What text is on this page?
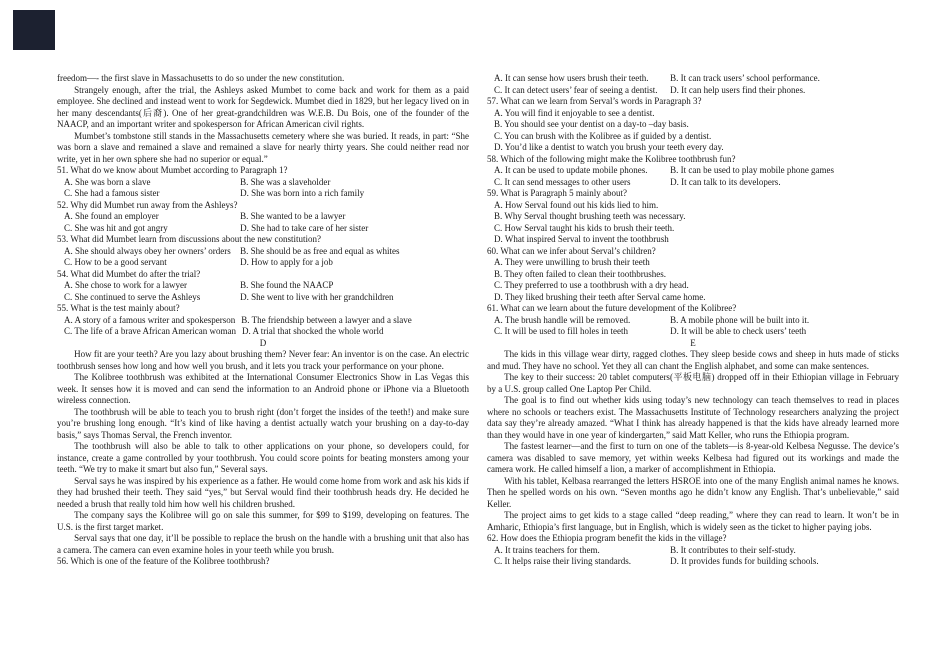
freedom—- the first slave in Massachusetts to do so under the new constitution.
Strangely enough, after the trial, the Ashleys asked Mumbet to come back and work for them as a paid employee. She declined and instead went to work for Segdewick. Mumbet died in 1829, but her legacy lived on in her many descendants(后裔). One of her great-grandchildren was W.E.B. Du Bois, one of the founder of the NAACP, and an important writer and spokesperson for African American civil rights.
Mumbet’s tombstone still stands in the Massachusetts cemetery where she was buried. It reads, in part: “She was born a slave and remained a slave and remained a slave for nearly thirty years. She could neither read nor write, yet in her own sphere she had no superior or equal.”
51. What do we know about Mumbet according to Paragraph 1?
A. She was born a slave	B. She was a slaveholder
C. She had a famous sister	D. She was born into a rich family
52. Why did Mumbet run away from the Ashleys?
A. She found an employer	B. She wanted to be a lawyer
C. She was hit and got angry	D. She had to take care of her sister
53. What did Mumbet learn from discussions about the new constitution?
A. She should always obey her owners’ orders B. She should be as free and equal as whites
C. How to be a good servant	D. How to apply for a job
54. What did Mumbet do after the trial?
A. She chose to work for a lawyer	B. She found the NAACP
C. She continued to serve the Ashleys	D. She went to live with her grandchildren
55. What is the test mainly about?
A. A story of a famous writer and spokesperson B. The friendship between a lawyer and a slave
C. The life of a brave African American woman D. A trial that shocked the whole world
D
How fit are your teeth? Are you lazy about brushing them? Never fear: An inventor is on the case. An electric toothbrush senses how long and how well you brush, and it lets you track your performance on your phone.
The Kolibree toothbrush was exhibited at the International Consumer Electronics Show in Las Vegas this week. It senses how it is moved and can send the information to an Android phone or iPhone via a Bluetooth wireless connection.
The toothbrush will be able to teach you to brush right (don’t forget the insides of the teeth!) and make sure you’re brushing long enough. “It’s kind of like having a dentist actually watch your brushing on a day-to-day basis,” says Thomas Serval, the French inventor.
The toothbrush will also be able to talk to other applications on your phone, so developers could, for instance, create a game controlled by your toothbrush. You could score points for beating monsters among your teeth. “We try to make it smart but also fun,” Several says.
Serval says he was inspired by his experience as a father. He would come home from work and ask his kids if they had brushed their teeth. They said “yes,” but Serval would find their toothbrush heads dry. He decided he needed a brush that really told him how well his children brushed.
The company says the Kolibree will go on sale this summer, for $99 to $199, developing on features. The U.S. is the first target market.
Serval says that one day, it’ll be possible to replace the brush on the handle with a brushing unit that also has a camera. The camera can even examine holes in your teeth while you brush.
56. Which is one of the feature of the Kolibree toothbrush?
A. It can sense how users brush their teeth. B. It can track users’ school performance.
C. It can detect users’ fear of seeing a dentist. D. It can help users find their phones.
57. What can we learn from Serval’s words in Paragraph 3?
A. You will find it enjoyable to see a dentist.
B. You should see your dentist on a day-to –day basis.
C. You can brush with the Kolibree as if guided by a dentist.
D. You’d like a dentist to watch you brush your teeth every day.
58. Which of the following might make the Kolibree toothbrush fun?
A. It can be used to update mobile phones.	B. It can be used to play mobile phone games
C. It can send messages to other users	D. It can talk to its developers.
59. What is Paragraph 5 mainly about?
A. How Serval found out his kids lied to him.
B. Why Serval thought brushing teeth was necessary.
C. How Serval taught his kids to brush their teeth.
D. What inspired Serval to invent the toothbrush
60. What can we infer about Serval’s children?
A. They were unwilling to brush their teeth
B. They often failed to clean their toothbrushes.
C. They preferred to use a toothbrush with a dry head.
D. They liked brushing their teeth after Serval came home.
61. What can we learn about the future development of the Kolibree?
A. The brush handle will be removed.	B. A mobile phone will be built into it.
C. It will be used to fill holes in teeth	D. It will be able to check users’ teeth
E
The kids in this village wear dirty, ragged clothes. They sleep beside cows and sheep in huts made of sticks and mud. They have no school. Yet they all can chant the English alphabet, and some can make sentences.
The key to their success: 20 tablet computers(平板电脑) dropped off in their Ethiopian village in February by a U.S. group called One Laptop Per Child.
The goal is to find out whether kids using today’s new technology can teach themselves to read in places where no schools or teachers exist. The Massachusetts Institute of Technology researchers analyzing the project data say they’re already amazed. “What I think has already happened is that the kids have already learned more than they would have in one year of kindergarten,” said Matt Keller, who runs the Ethiopia program.
The fastest learner—and the first to turn on one of the tablets—is 8-year-old Kelbesa Negusse. The device’s camera was disabled to save memory, yet within weeks Kelbesa had figured out its workings and made the camera work. He called himself a lion, a marker of accomplishment in Ethiopia.
With his tablet, Kelbasa rearranged the letters HSROE into one of the many English animal names he knows. Then he spelled words on his own. “Seven months ago he didn’t know any English. That’s unbelievable,” said Keller.
The project aims to get kids to a stage called “deep reading,” where they can read to learn. It won’t be in Amharic, Ethiopia’s first language, but in English, which is widely seen as the ticket to higher paying jobs.
62. How does the Ethiopia program benefit the kids in the village?
A. It trains teachers for them.	B. It contributes to their self-study.
C. It helps raise their living standards.	D. It provides funds for building schools.
